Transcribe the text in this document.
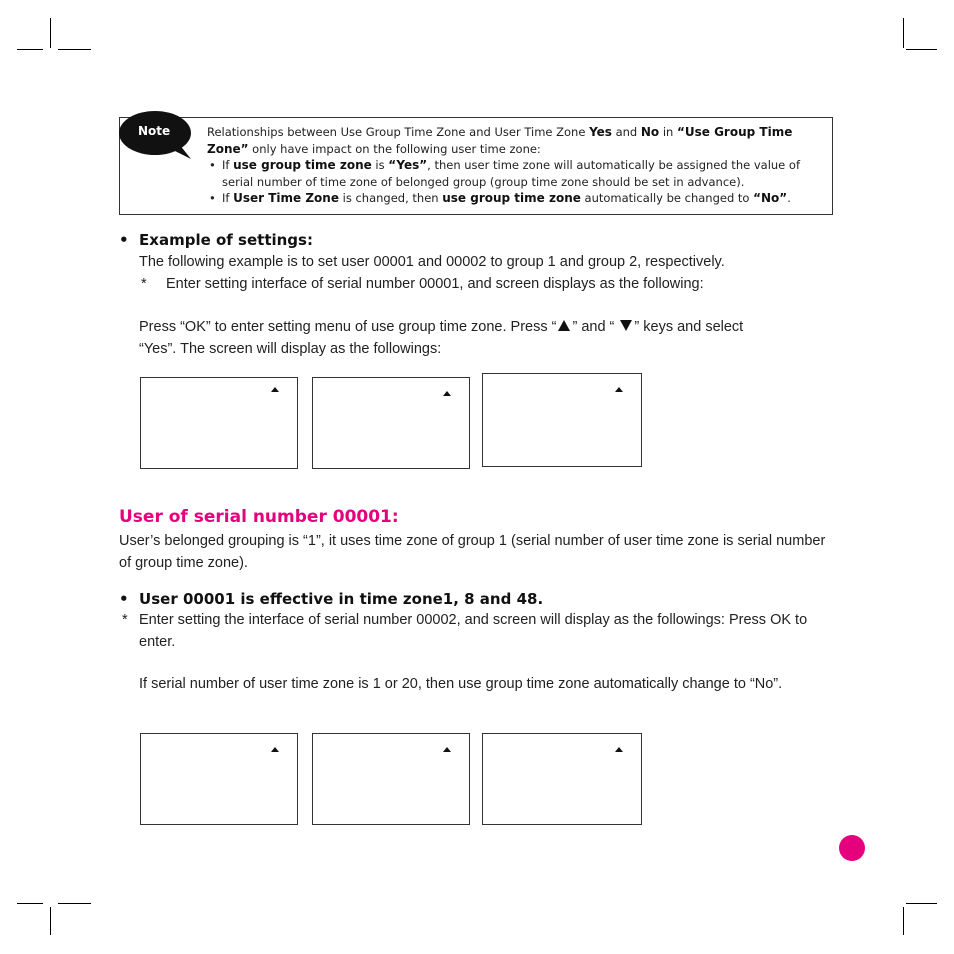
Note	Relationships between Use Group Time Zone and User Time Zone Yes and No in “Use Group Time Zone” only have impact on the following user time zone:
• If use group time zone is “Yes”, then user time zone will automatically be assigned the value of serial number of time zone of belonged group (group time zone should be set in advance).
• If User Time Zone is changed, then use group time zone automatically be changed to “No”.
•  Example of settings:
The following example is to set user 00001 and 00002 to group 1 and group 2, respectively.
* Enter setting interface of serial number 00001, and screen displays as the following:
Press “OK” to enter setting menu of use group time zone. Press “ ” and “ ” keys and select
“Yes”. The screen will display as the followings:
User of serial number 00001:
User’s belonged grouping is “1”, it uses time zone of group 1 (serial number of user time zone is serial number of group time zone).
•  User 00001 is effective in time zone1, 8 and 48.
* Enter setting the interface of serial number 00002, and screen will display as the followings: Press OK to enter.
If serial number of user time zone is 1 or 20, then use group time zone automatically change to “No”.
